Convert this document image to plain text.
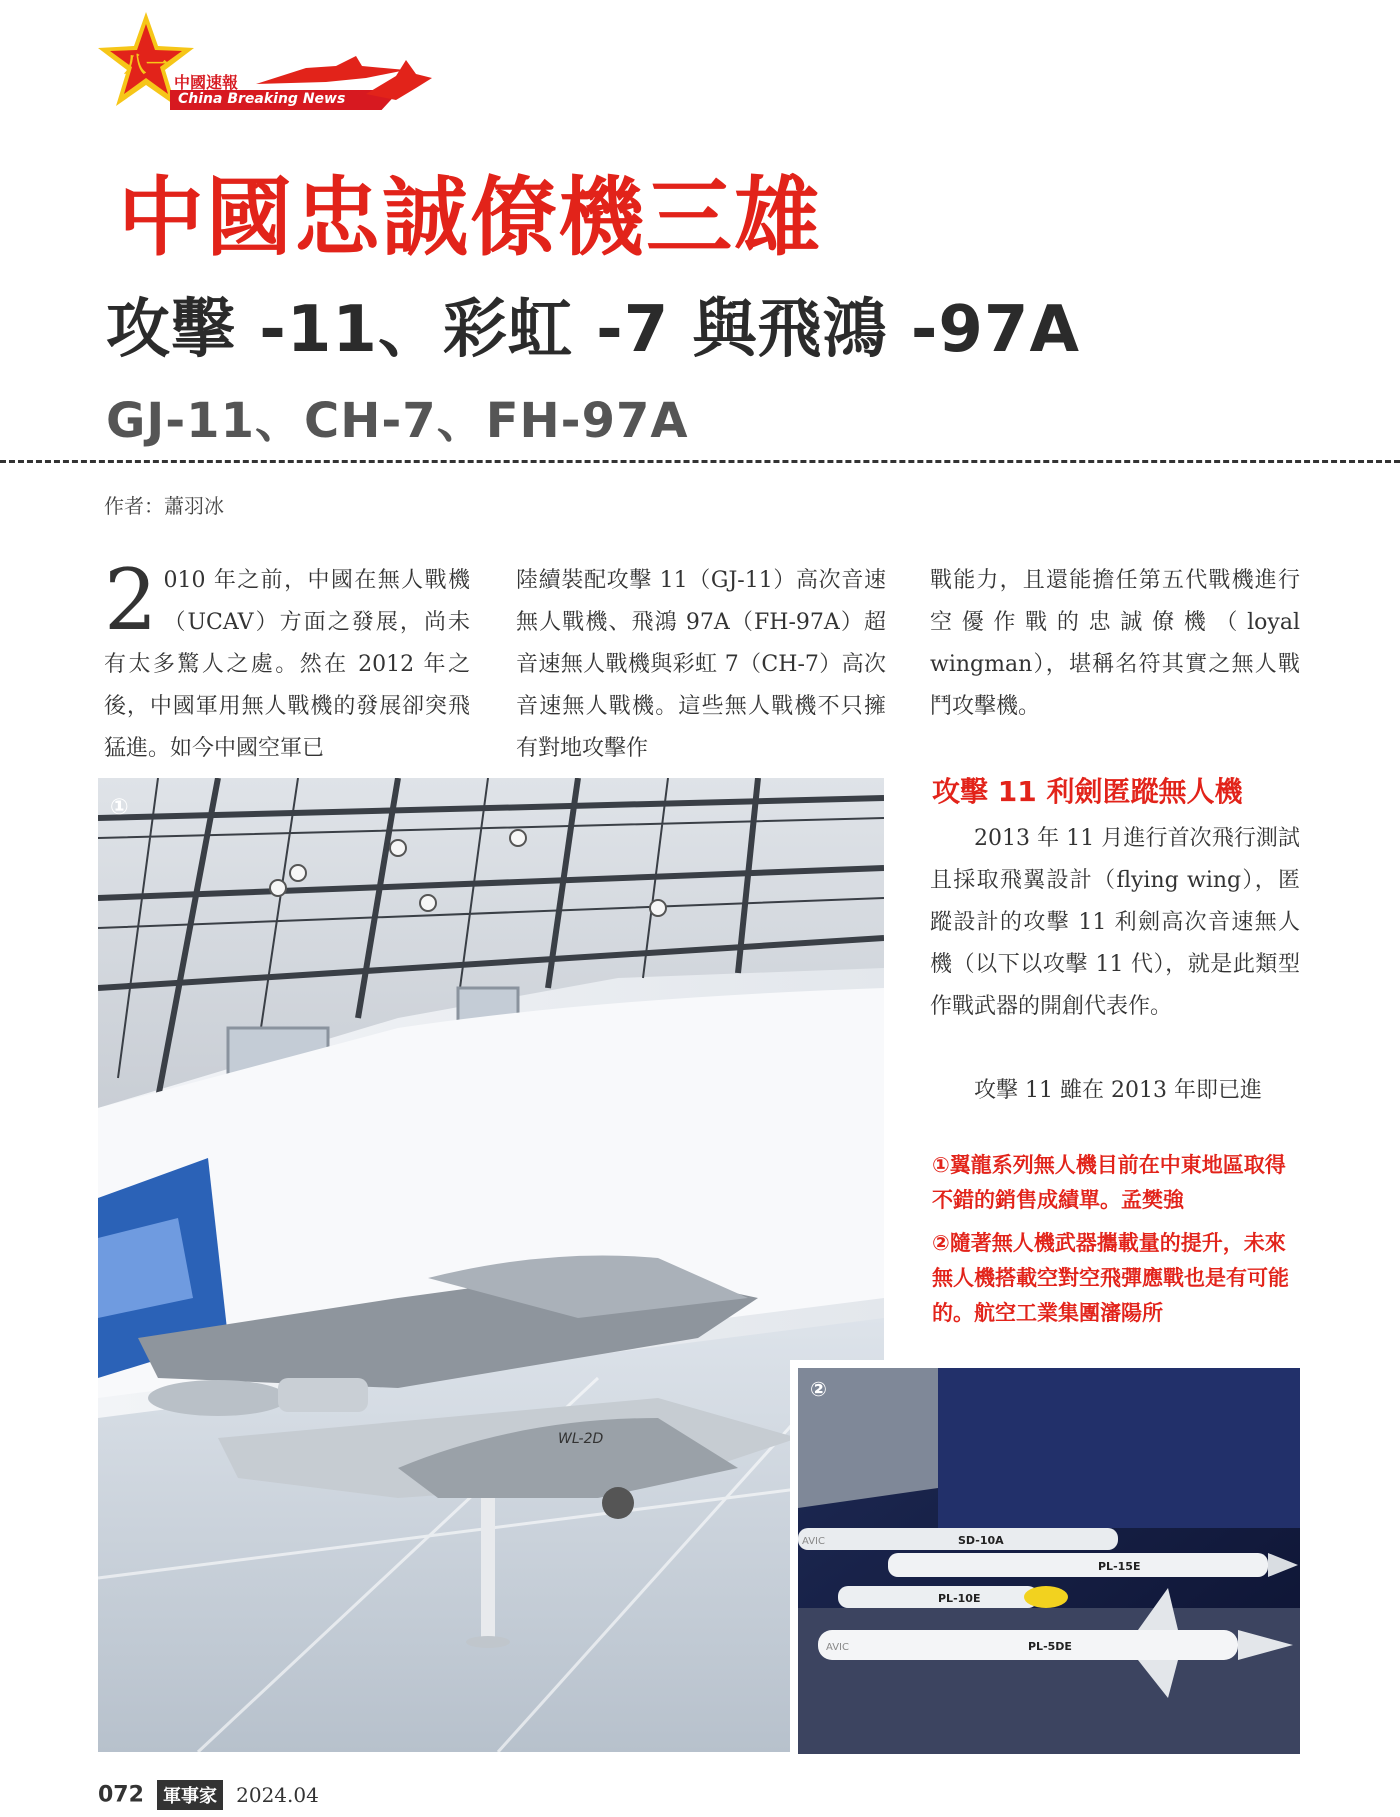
八一
中國速報
China Breaking News
中國忠誠僚機三雄
攻擊 -11、彩虹 -7 與飛鴻 -97A
GJ-11、CH-7、FH-97A
作者：蕭羽冰
2 010 年之前，中國在無人戰機（UCAV）方面之發展，尚未有太多驚人之處。然在 2012 年之後，中國軍用無人戰機的發展卻突飛猛進。如今中國空軍已
陸續裝配攻擊 11（GJ-11）高次音速無人戰機、飛鴻 97A（FH-97A）超音速無人戰機與彩虹 7（CH-7）高次音速無人戰機。這些無人戰機不只擁有對地攻擊作
戰能力，且還能擔任第五代戰機進行空優作戰的忠誠僚機（loyal wingman），堪稱名符其實之無人戰鬥攻擊機。
攻擊 11 利劍匿蹤無人機
2013 年 11 月進行首次飛行測試且採取飛翼設計（flying wing），匿蹤設計的攻擊 11 利劍高次音速無人機（以下以攻擊 11 代），就是此類型作戰武器的開創代表作。
攻擊 11 雖在 2013 年即已進

①翼龍系列無人機目前在中東地區取得不錯的銷售成績單。孟樊強

②隨著無人機武器攜載量的提升，未來無人機搭載空對空飛彈應戰也是有可能的。航空工業集團瀋陽所

WL-2D
①
SD-10A
AVIC
PL-15E
PL-10E
PL-5DE
AVIC
②
072 軍事家 2024.04
